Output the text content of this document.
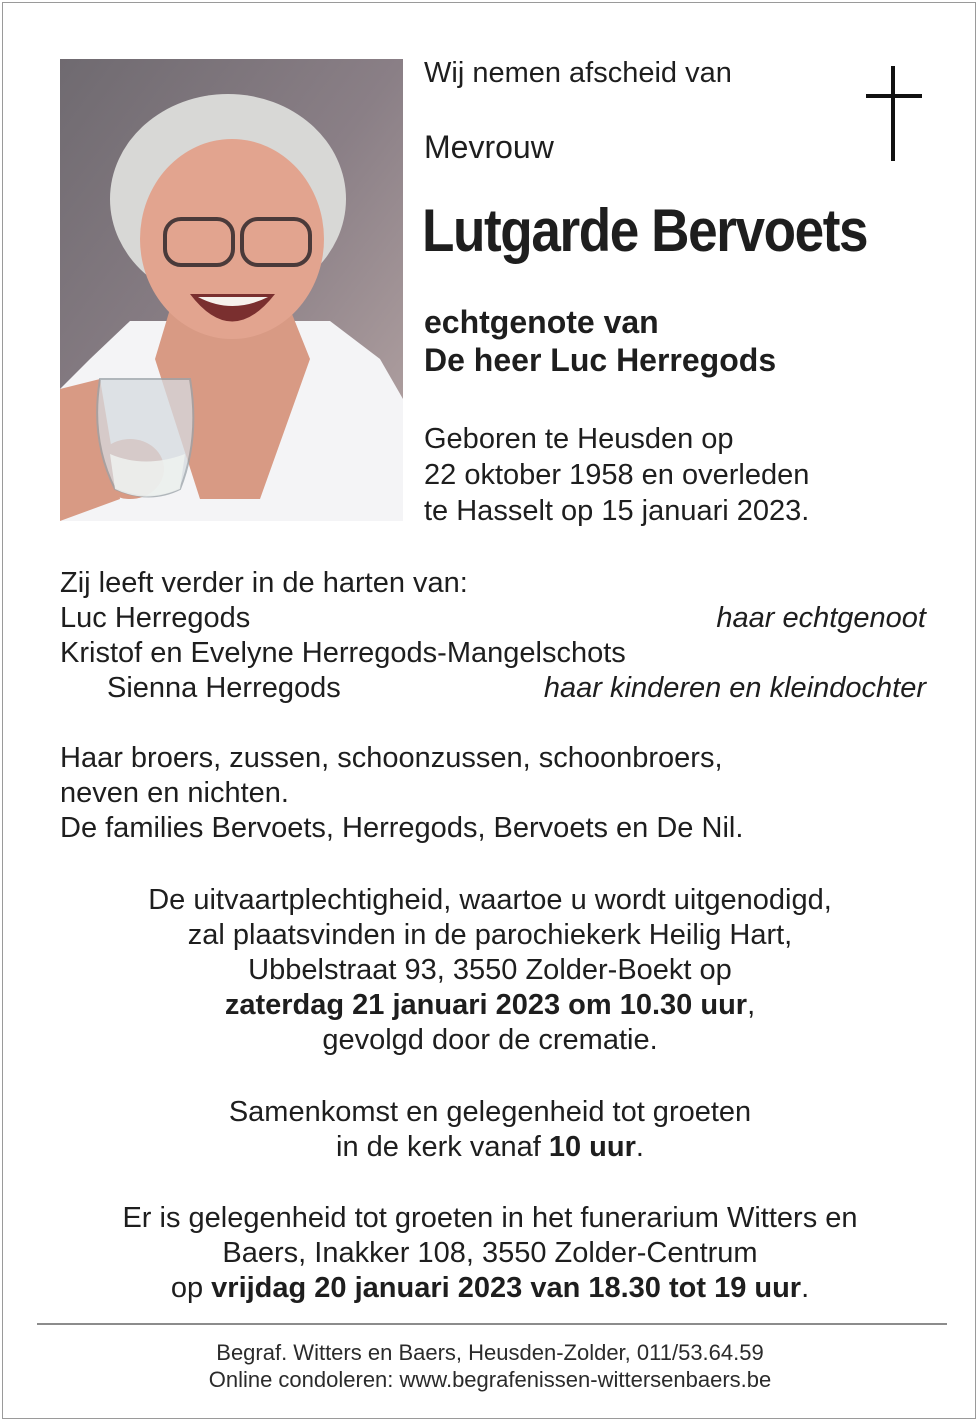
Wij nemen afscheid van
Mevrouw
Lutgarde Bervoets
echtgenote van
De heer Luc Herregods
Geboren te Heusden op
22 oktober 1958 en overleden
te Hasselt op 15 januari 2023.
Zij leeft verder in de harten van:
Luc Herregods	haar echtgenoot
Kristof en Evelyne Herregods-Mangelschots
Sienna Herregods	haar kinderen en kleindochter
Haar broers, zussen, schoonzussen, schoonbroers,
neven en nichten.
De families Bervoets, Herregods, Bervoets en De Nil.
De uitvaartplechtigheid, waartoe u wordt uitgenodigd,
zal plaatsvinden in de parochiekerk Heilig Hart,
Ubbelstraat 93, 3550 Zolder-Boekt op
zaterdag 21 januari 2023 om 10.30 uur,
gevolgd door de crematie.
Samenkomst en gelegenheid tot groeten
in de kerk vanaf 10 uur.
Er is gelegenheid tot groeten in het funerarium Witters en
Baers, Inakker 108, 3550 Zolder-Centrum
op vrijdag 20 januari 2023 van 18.30 tot 19 uur.
Begraf. Witters en Baers, Heusden-Zolder, 011/53.64.59
Online condoleren: www.begrafenissen-wittersenbaers.be
